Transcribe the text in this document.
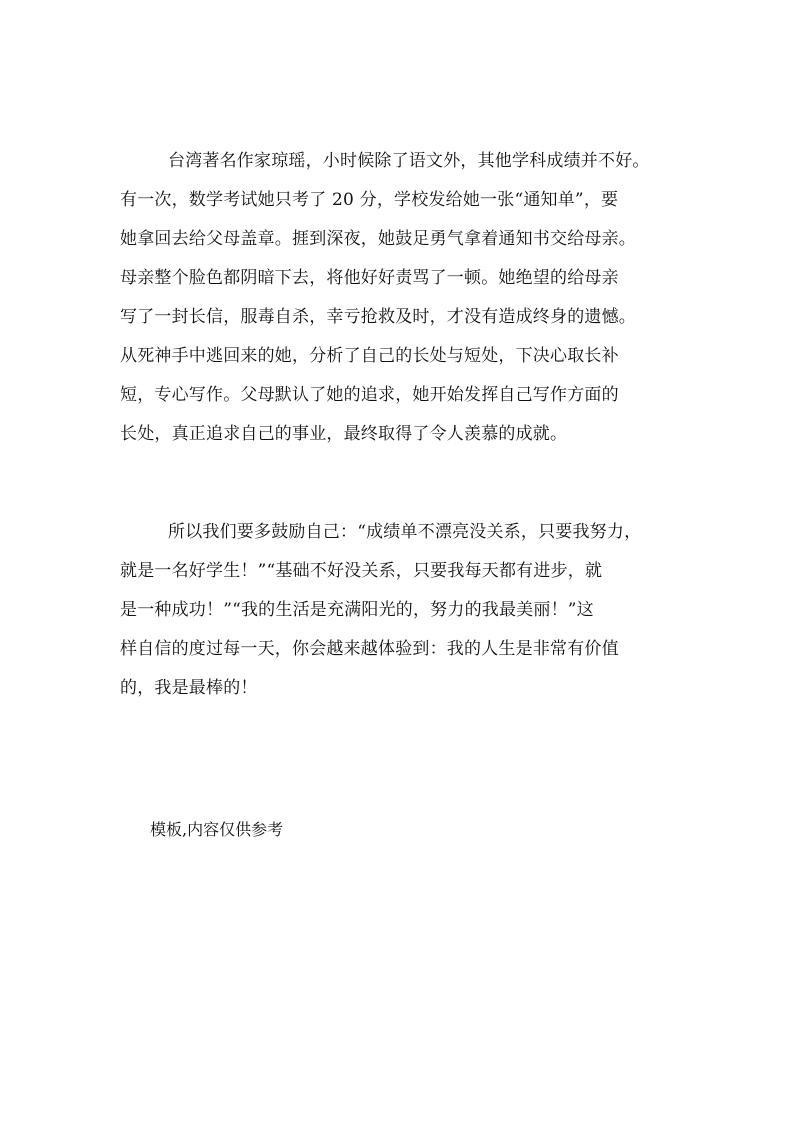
台湾著名作家琼瑶，小时候除了语文外，其他学科成绩并不好。
有一次，数学考试她只考了 20 分，学校发给她一张“通知单”，要
她拿回去给父母盖章。捱到深夜，她鼓足勇气拿着通知书交给母亲。
母亲整个脸色都阴暗下去，将他好好责骂了一顿。她绝望的给母亲
写了一封长信，服毒自杀，幸亏抢救及时，才没有造成终身的遗憾。
从死神手中逃回来的她，分析了自己的长处与短处，下决心取长补
短，专心写作。父母默认了她的追求，她开始发挥自己写作方面的
长处，真正追求自己的事业，最终取得了令人羡慕的成就。
所以我们要多鼓励自己：“成绩单不漂亮没关系，只要我努力，
就是一名好学生！”“基础不好没关系，只要我每天都有进步，就
是一种成功！”“我的生活是充满阳光的，努力的我最美丽！”这
样自信的度过每一天，你会越来越体验到：我的人生是非常有价值
的，我是最棒的！
模板,内容仅供参考
